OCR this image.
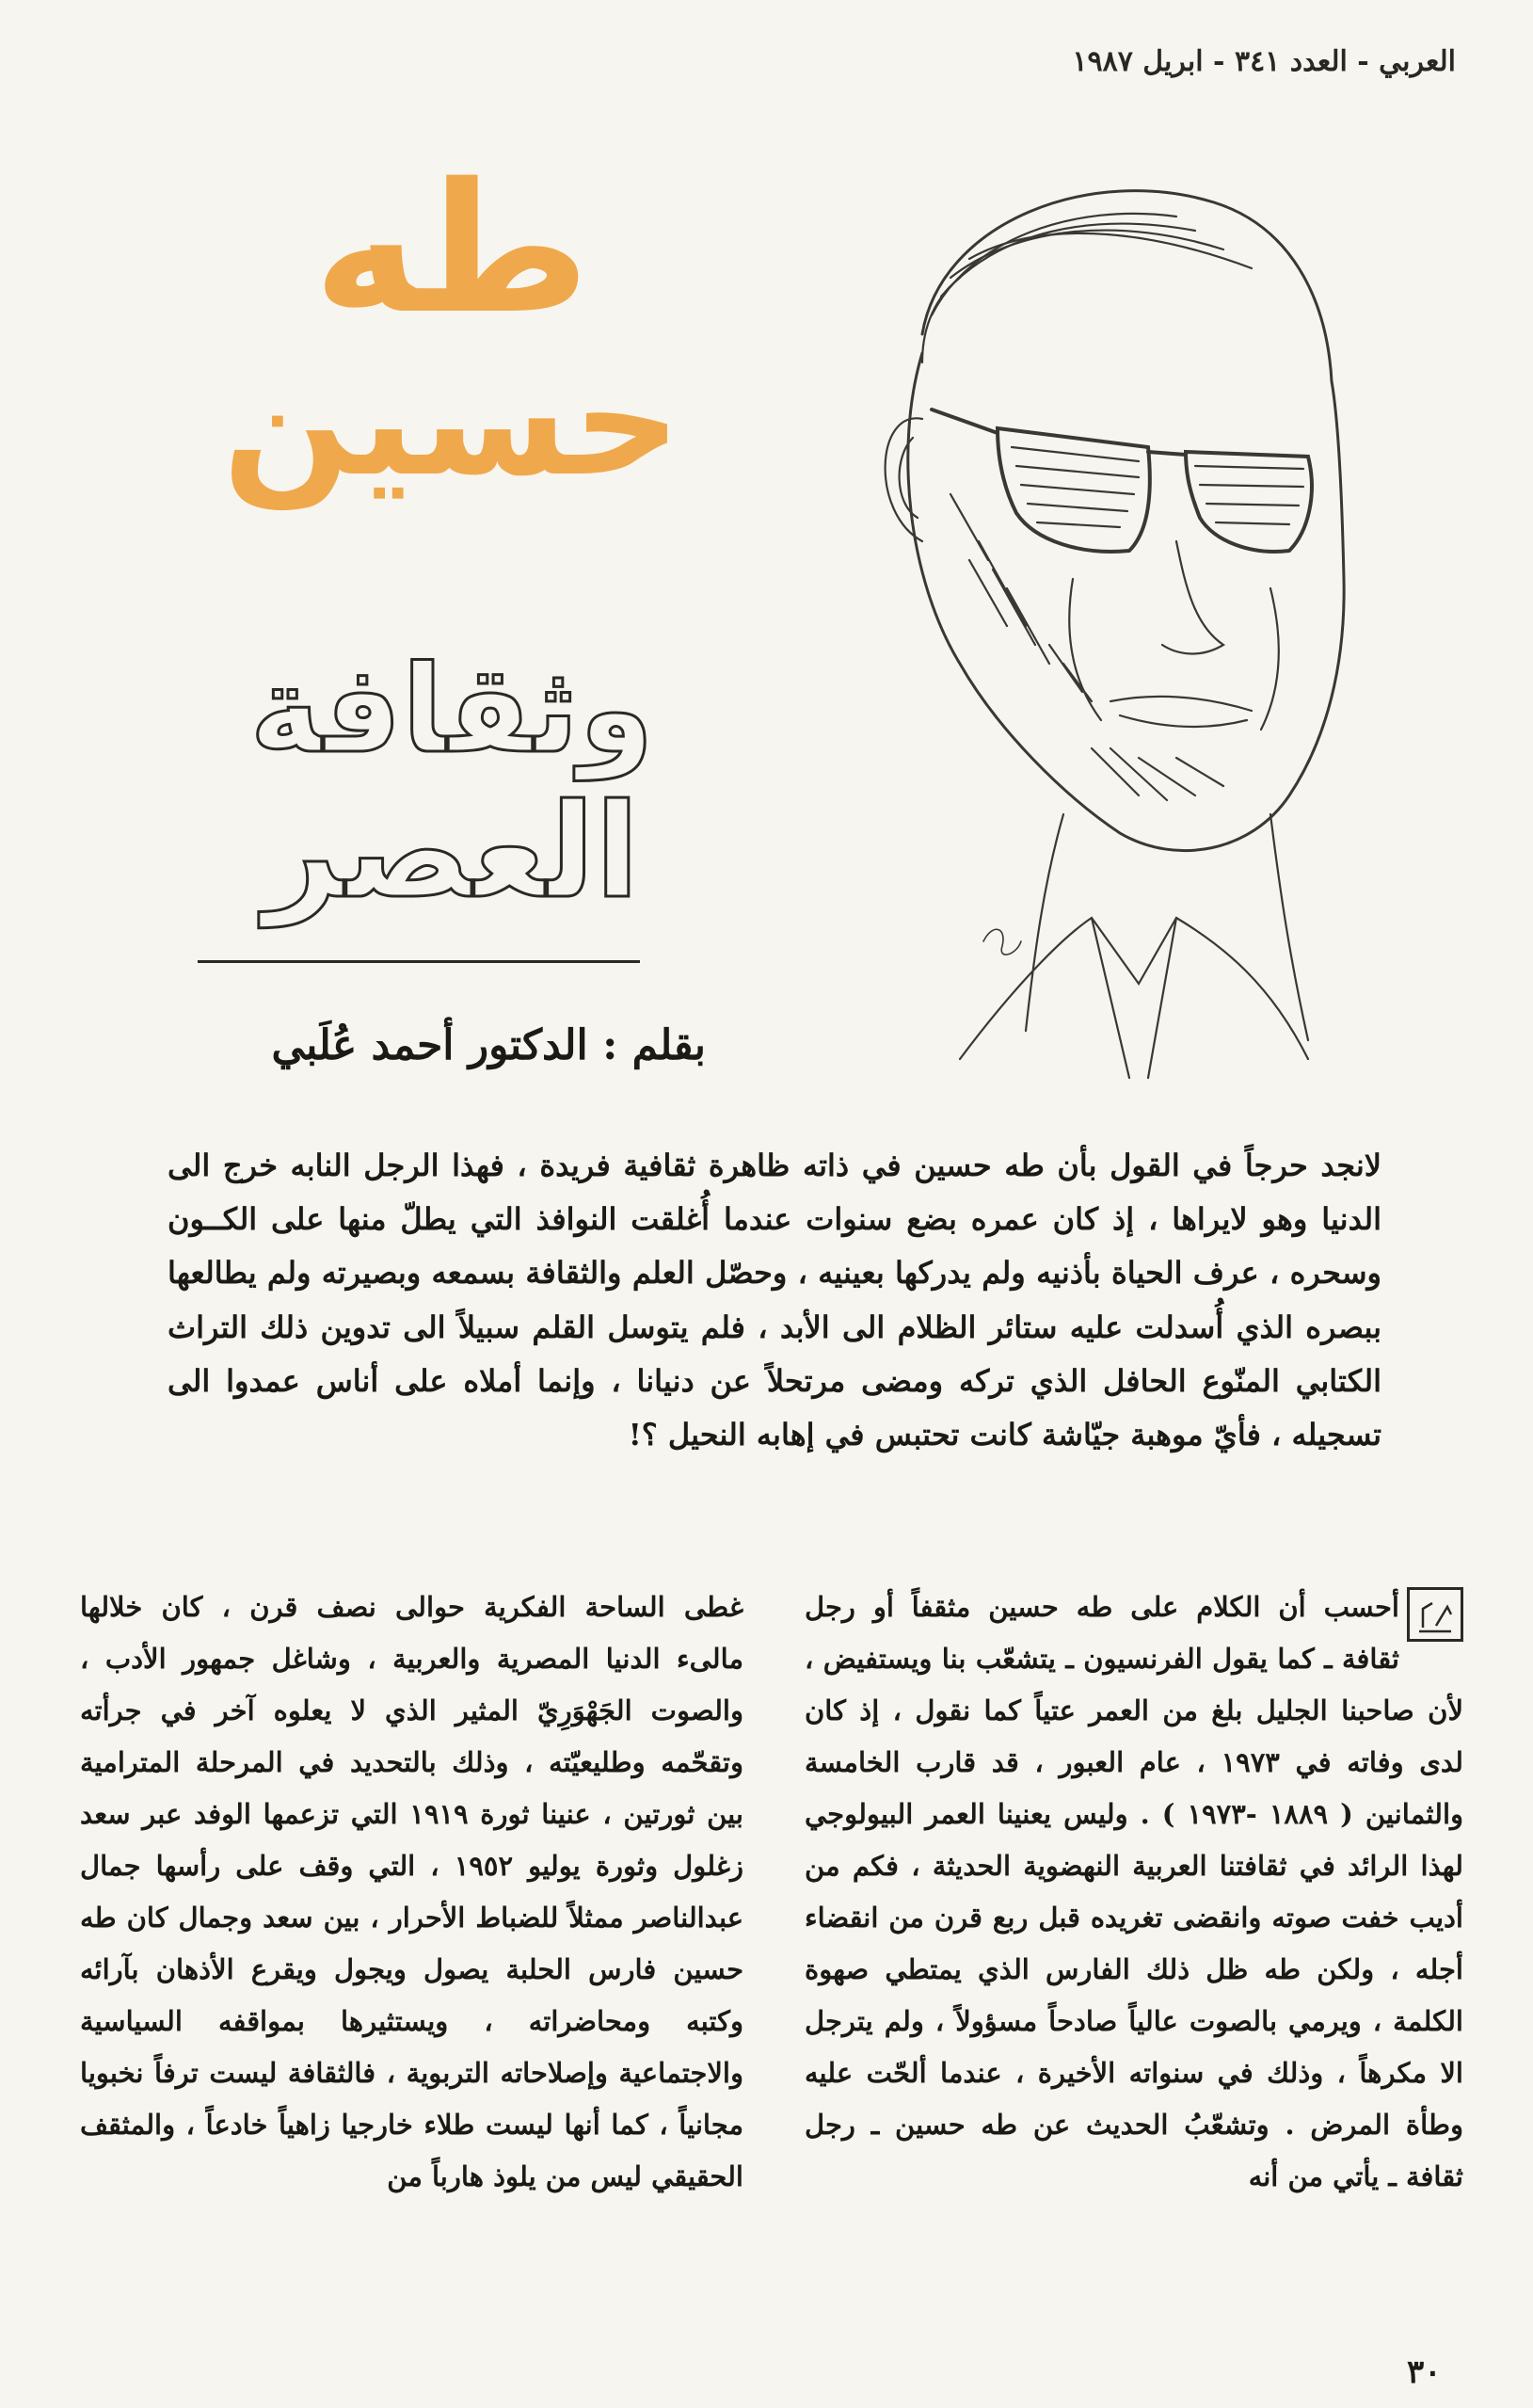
العربي - العدد ٣٤١ - ابريل ١٩٨٧
طه
حسين
وثقافة
العصر
بقلم : الدكتور أحمد عُلَبي
لانجد حرجاً في القول بأن طه حسين في ذاته ظاهرة ثقافية فريدة ، فهذا الرجل النابه خرج الى الدنيا وهو لايراها ، إذ كان عمره بضع سنوات عندما أُغلقت النوافذ التي يطلّ منها على الكــون وسحره ، عرف الحياة بأذنيه ولم يدركها بعينيه ، وحصّل العلم والثقافة بسمعه وبصيرته ولم يطالعها ببصره الذي أُسدلت عليه ستائر الظلام الى الأبد ، فلم يتوسل القلم سبيلاً الى تدوين ذلك التراث الكتابي المنّوع الحافل الذي تركه ومضى مرتحلاً عن دنيانا ، وإنما أملاه على أناس عمدوا الى تسجيله ، فأيّ موهبة جيّاشة كانت تحتبس في إهابه النحيل ؟!
أحسب أن الكلام على طه حسين مثقفاً أو رجل ثقافة ـ كما يقول الفرنسيون ـ يتشعّب بنا ويستفيض ، لأن صاحبنا الجليل بلغ من العمر عتياً كما نقول ، إذ كان لدى وفاته في ١٩٧٣ ، عام العبور ، قد قارب الخامسة والثمانين ( ١٨٨٩ -١٩٧٣ ) . وليس يعنينا العمر البيولوجي لهذا الرائد في ثقافتنا العربية النهضوية الحديثة ، فكم من أديب خفت صوته وانقضى تغريده قبل ربع قرن من انقضاء أجله ، ولكن طه ظل ذلك الفارس الذي يمتطي صهوة الكلمة ، ويرمي بالصوت عالياً صادحاً مسؤولاً ، ولم يترجل الا مكرهاً ، وذلك في سنواته الأخيرة ، عندما ألحّت عليه وطأة المرض . وتشعّبُ الحديث عن طه حسين ـ رجل ثقافة ـ يأتي من أنه
غطى الساحة الفكرية حوالى نصف قرن ، كان خلالها مالىء الدنيا المصرية والعربية ، وشاغل جمهور الأدب ، والصوت الجَهْوَرِيّ المثير الذي لا يعلوه آخر في جرأته وتقحّمه وطليعيّته ، وذلك بالتحديد في المرحلة المترامية بين ثورتين ، عنينا ثورة ١٩١٩ التي تزعمها الوفد عبر سعد زغلول وثورة يوليو ١٩٥٢ ، التي وقف على رأسها جمال عبدالناصر ممثلاً للضباط الأحرار ، بين سعد وجمال كان طه حسين فارس الحلبة يصول ويجول ويقرع الأذهان بآرائه وكتبه ومحاضراته ، ويستثيرها بمواقفه السياسية والاجتماعية وإصلاحاته التربوية ، فالثقافة ليست ترفاً نخبويا مجانياً ، كما أنها ليست طلاء خارجيا زاهياً خادعاً ، والمثقف الحقيقي ليس من يلوذ هارباً من
٣٠
